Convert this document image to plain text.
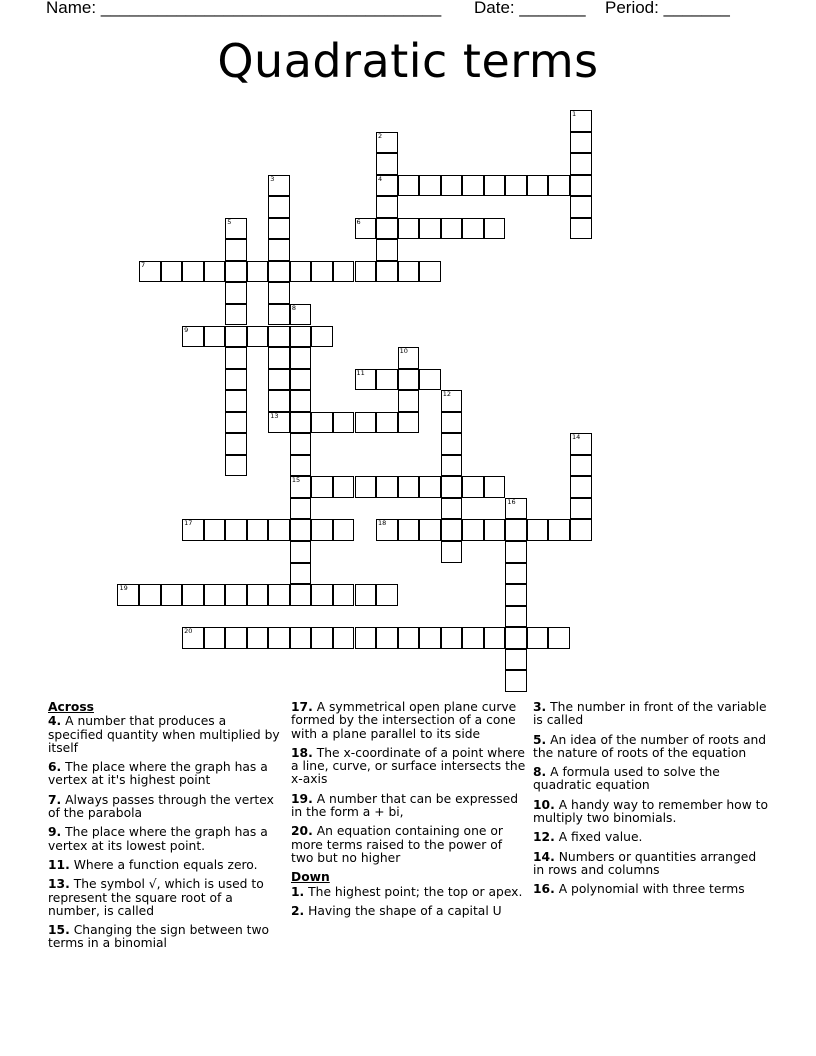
Name: ____________________________________ Date: _______ Period: _______
Quadratic terms
1
2
3	4
5	6
7
8
9
10
11
12
13
14
15
16
17	18
19
20
Across
4. A number that produces a specified quantity when multiplied by itself
6. The place where the graph has a vertex at it's highest point
7. Always passes through the vertex of the parabola
9. The place where the graph has a vertex at its lowest point.
11. Where a function equals zero.
13. The symbol √, which is used to represent the square root of a number, is called
15. Changing the sign between two terms in a binomial
17. A symmetrical open plane curve formed by the intersection of a cone with a plane parallel to its side
18. The x-coordinate of a point where a line, curve, or surface intersects the x-axis
19. A number that can be expressed in the form a + bi,
20. An equation containing one or more terms raised to the power of two but no higher
Down
1. The highest point; the top or apex.
2. Having the shape of a capital U
3. The number in front of the variable is called
5. An idea of the number of roots and the nature of roots of the equation
8. A formula used to solve the quadratic equation
10. A handy way to remember how to multiply two binomials.
12. A fixed value.
14. Numbers or quantities arranged in rows and columns
16. A polynomial with three terms
